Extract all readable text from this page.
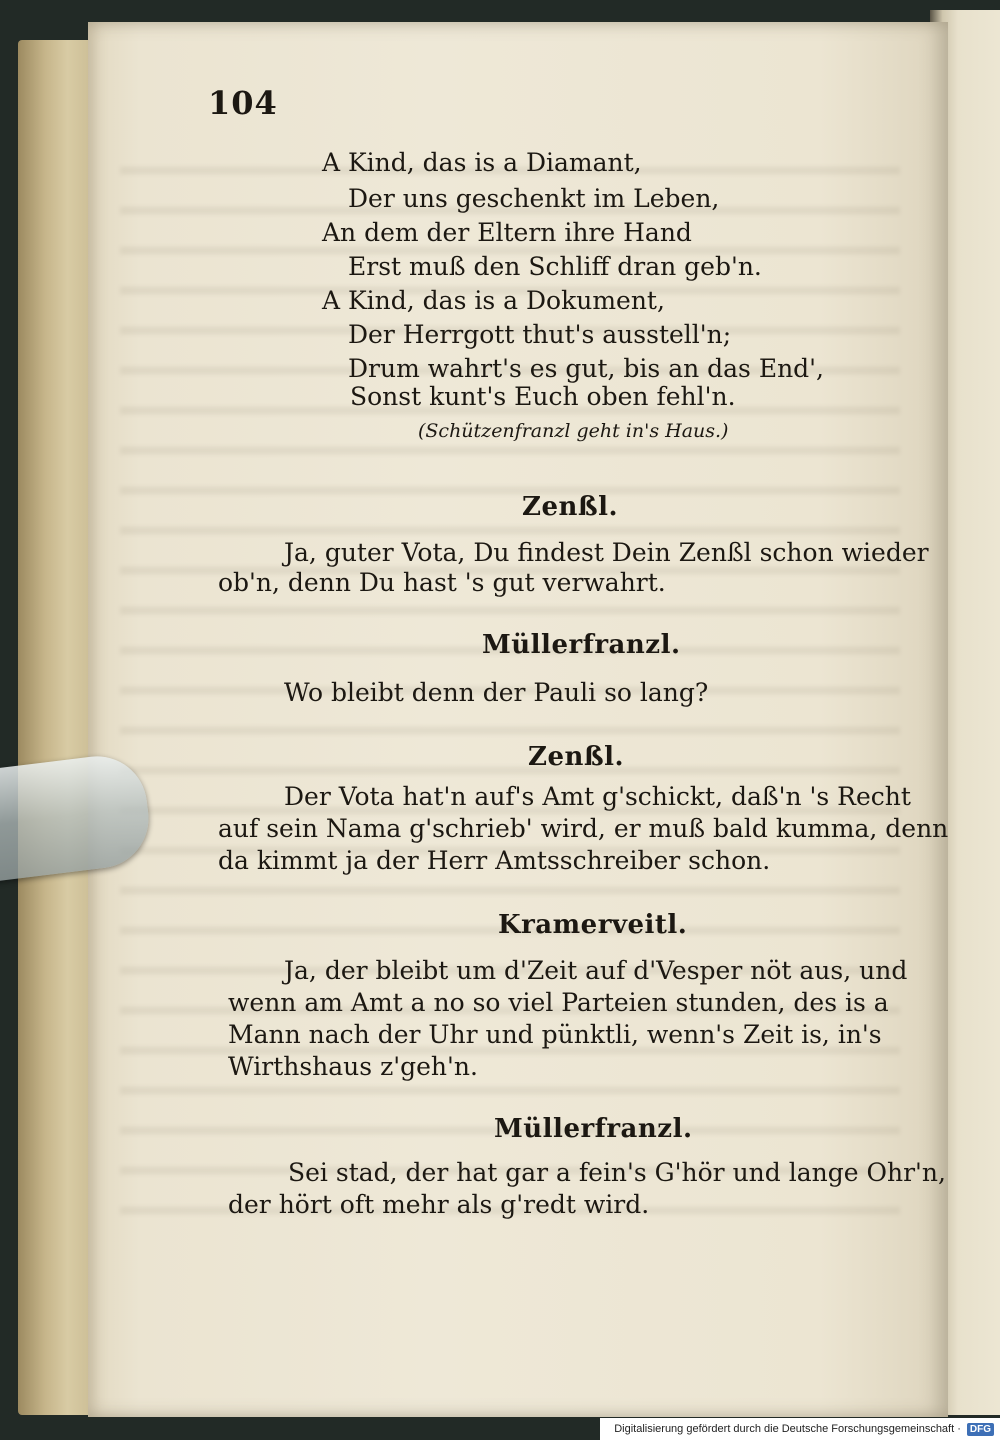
104
A Kind, das is a Diamant,
Der uns geschenkt im Leben,
An dem der Eltern ihre Hand
Erst muß den Schliff dran geb'n.
A Kind, das is a Dokument,
Der Herrgott thut's ausstell'n;
Drum wahrt's es gut, bis an das End',
Sonst kunt's Euch oben fehl'n.
(Schützenfranzl geht in's Haus.)
Zenßl.
Ja, guter Vota, Du findest Dein Zenßl schon wieder
ob'n, denn Du hast 's gut verwahrt.
Müllerfranzl.
Wo bleibt denn der Pauli so lang?
Zenßl.
Der Vota hat'n auf's Amt g'schickt, daß'n 's Recht
auf sein Nama g'schrieb' wird, er muß bald kumma, denn
da kimmt ja der Herr Amtsschreiber schon.
Kramerveitl.
Ja, der bleibt um d'Zeit auf d'Vesper nöt aus, und
wenn am Amt a no so viel Parteien stunden, des is a
Mann nach der Uhr und pünktli, wenn's Zeit is, in's
Wirthshaus z'geh'n.
Müllerfranzl.
Sei stad, der hat gar a fein's G'hör und lange Ohr'n,
der hört oft mehr als g'redt wird.
Digitalisierung gefördert durch die Deutsche Forschungsgemeinschaft · DFG
